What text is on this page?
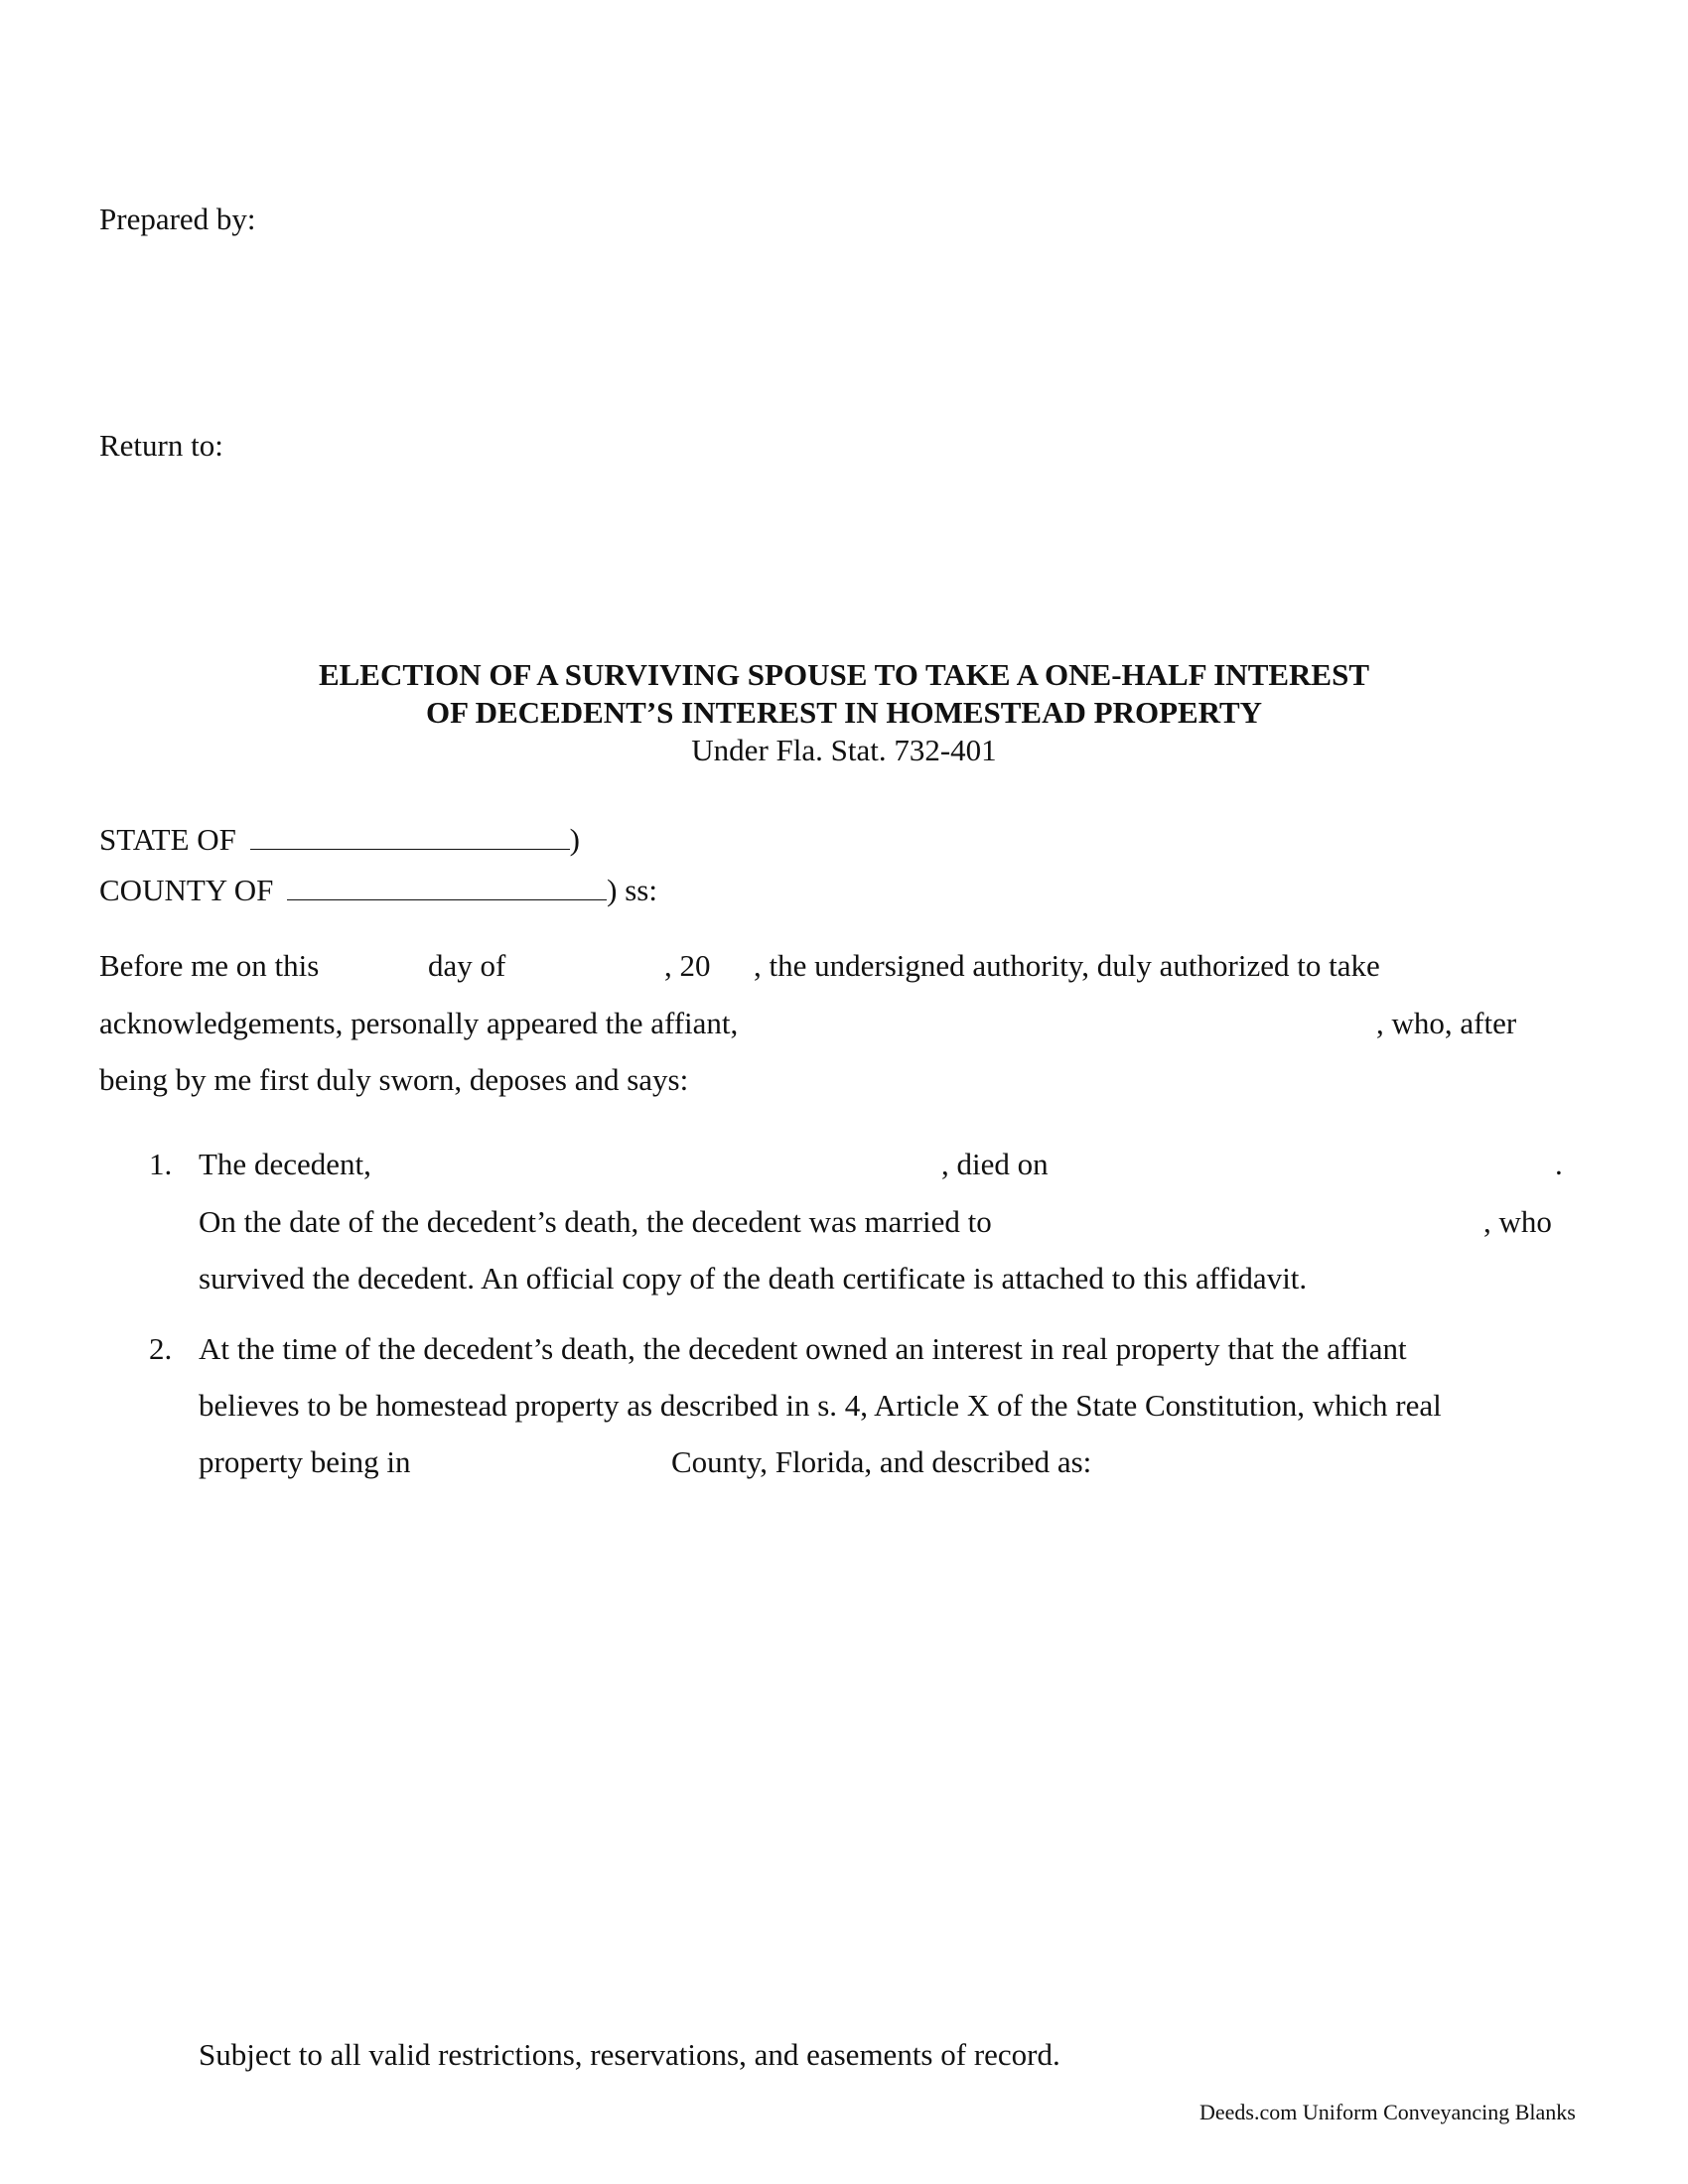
Prepared by:
Return to:
ELECTION OF A SURVIVING SPOUSE TO TAKE A ONE-HALF INTEREST
OF DECEDENT’S INTEREST IN HOMESTEAD PROPERTY
Under Fla. Stat. 732-401
STATE OF	)
COUNTY OF	) ss:
Before me on this	day of	, 20 , the undersigned authority, duly authorized to take
acknowledgements, personally appeared the affiant,	, who, after
being by me first duly sworn, deposes and says:
1. The decedent,	, died on	.
On the date of the decedent’s death, the decedent was married to	, who
survived the decedent. An official copy of the death certificate is attached to this affidavit.
2. At the time of the decedent’s death, the decedent owned an interest in real property that the affiant
believes to be homestead property as described in s. 4, Article X of the State Constitution, which real
property being in	County, Florida, and described as:
Subject to all valid restrictions, reservations, and easements of record.
Deeds.com Uniform Conveyancing Blanks
